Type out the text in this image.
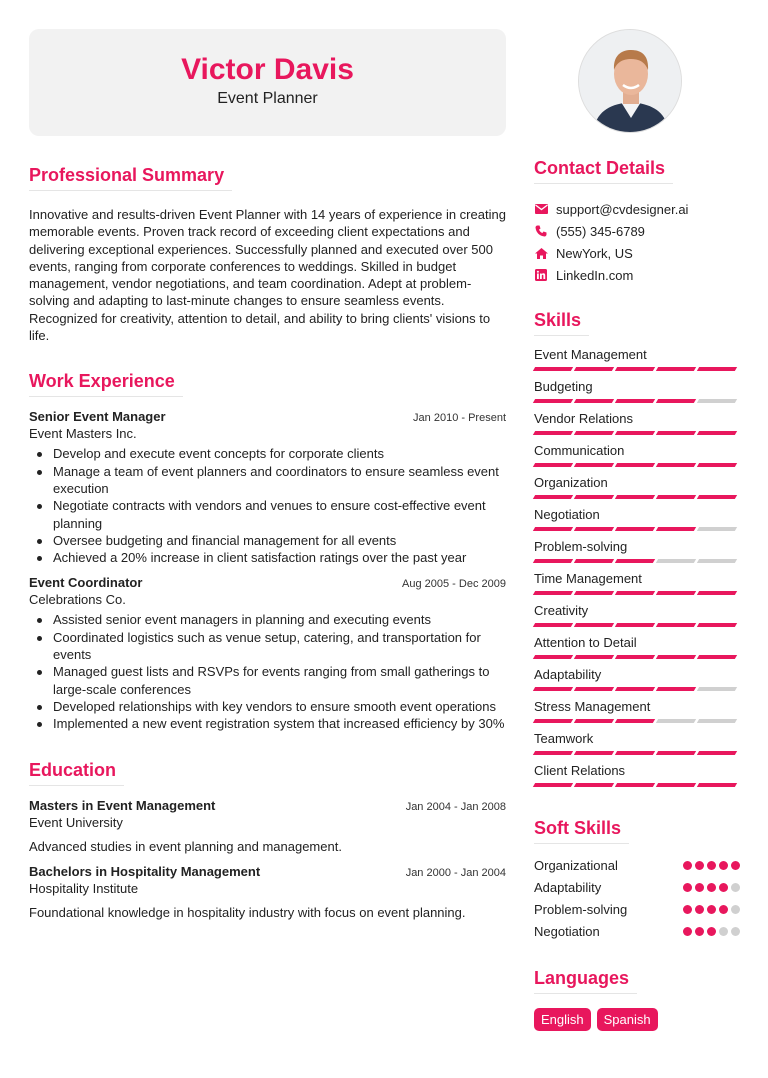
Victor Davis
Event Planner
Professional Summary

Innovative and results-driven Event Planner with 14 years of experience in creating memorable events. Proven track record of exceeding client expectations and delivering exceptional experiences. Successfully planned and executed over 500 events, ranging from corporate conferences to weddings. Skilled in budget management, vendor negotiations, and team coordination. Adept at problem-solving and adapting to last-minute changes to ensure seamless events. Recognized for creativity, attention to detail, and ability to bring clients' visions to life.

Work Experience
Senior Event Manager	Jan 2010 - Present
Event Masters Inc.
Develop and execute event concepts for corporate clients
Manage a team of event planners and coordinators to ensure seamless event execution
Negotiate contracts with vendors and venues to ensure cost-effective event planning
Oversee budgeting and financial management for all events
Achieved a 20% increase in client satisfaction ratings over the past year
Event Coordinator	Aug 2005 - Dec 2009
Celebrations Co.
Assisted senior event managers in planning and executing events
Coordinated logistics such as venue setup, catering, and transportation for events
Managed guest lists and RSVPs for events ranging from small gatherings to large-scale conferences
Developed relationships with key vendors to ensure smooth event operations
Implemented a new event registration system that increased efficiency by 30%
Education
Masters in Event Management	Jan 2004 - Jan 2008
Event University
Advanced studies in event planning and management.
Bachelors in Hospitality Management	Jan 2000 - Jan 2004
Hospitality Institute
Foundational knowledge in hospitality industry with focus on event planning.
Contact Details
support@cvdesigner.ai
(555) 345-6789
NewYork, US
LinkedIn.com
Skills
Event Management
Budgeting
Vendor Relations
Communication
Organization
Negotiation
Problem-solving
Time Management
Creativity
Attention to Detail
Adaptability
Stress Management
Teamwork
Client Relations
Soft Skills
Organizational
Adaptability
Problem-solving
Negotiation
Languages
English	Spanish
